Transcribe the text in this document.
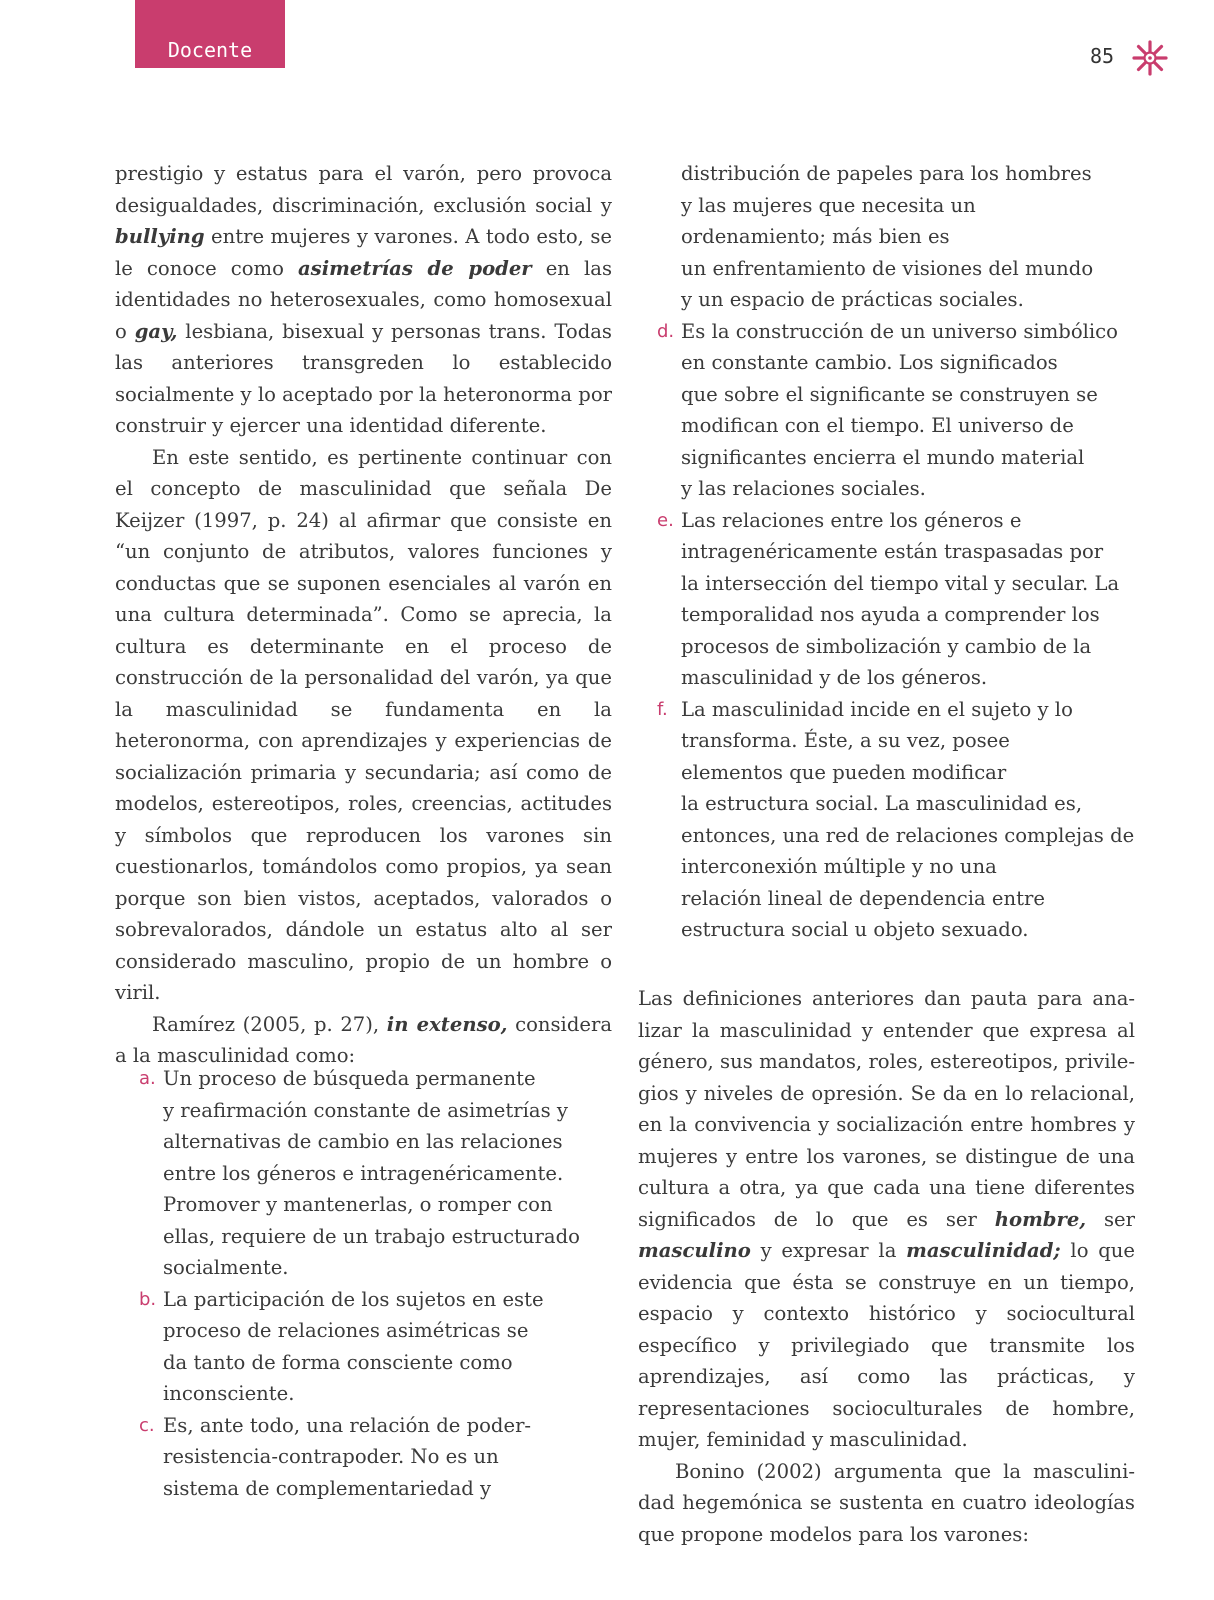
Docente	85

prestigio y estatus para el varón, pero provoca desigualdades, discriminación, exclusión social y bullying entre mujeres y varones. A todo esto, se le conoce como asimetrías de poder en las identidades no heterosexuales, como homosexual o gay, lesbiana, bisexual y personas trans. Todas las anteriores transgreden lo establecido socialmente y lo aceptado por la heteronorma por construir y ejercer una identidad diferente.

En este sentido, es pertinente continuar con el concepto de masculinidad que señala De Keijzer (1997, p. 24) al afirmar que consiste en “un conjunto de atributos, valores funciones y conductas que se suponen esenciales al varón en una cultura determinada”. Como se aprecia, la cultura es determinante en el proceso de construcción de la personalidad del varón, ya que la masculinidad se fundamenta en la heteronorma, con aprendizajes y experiencias de socialización primaria y secundaria; así como de modelos, estereotipos, roles, creencias, actitudes y símbolos que reproducen los varones sin cuestionarlos, tomándolos como propios, ya sean porque son bien vistos, aceptados, valorados o sobrevalorados, dándole un estatus alto al ser considerado masculino, propio de un hombre o viril.

Ramírez (2005, p. 27), in extenso, considera a la masculinidad como:

a. Un proceso de búsqueda permanente
y reafirmación constante de asimetrías y
alternativas de cambio en las relaciones
entre los géneros e intragenéricamente.
Promover y mantenerlas, o romper con
ellas, requiere de un trabajo estructurado
socialmente.
b. La participación de los sujetos en este
proceso de relaciones asimétricas se
da tanto de forma consciente como
inconsciente.
c. Es, ante todo, una relación de poder-
resistencia-contrapoder. No es un
sistema de complementariedad y
distribución de papeles para los hombres
y las mujeres que necesita un
ordenamiento; más bien es
un enfrentamiento de visiones del mundo
y un espacio de prácticas sociales.
d. Es la construcción de un universo simbólico
en constante cambio. Los significados
que sobre el significante se construyen se
modifican con el tiempo. El universo de
significantes encierra el mundo material
y las relaciones sociales.
e. Las relaciones entre los géneros e
intragenéricamente están traspasadas por
la intersección del tiempo vital y secular. La
temporalidad nos ayuda a comprender los
procesos de simbolización y cambio de la
masculinidad y de los géneros.
f. La masculinidad incide en el sujeto y lo
transforma. Éste, a su vez, posee
elementos que pueden modificar
la estructura social. La masculinidad es,
entonces, una red de relaciones complejas de
interconexión múltiple y no una
relación lineal de dependencia entre
estructura social u objeto sexuado.

Las definiciones anteriores dan pauta para analizar la masculinidad y entender que expresa al género, sus mandatos, roles, estereotipos, privilegios y niveles de opresión. Se da en lo relacional, en la convivencia y socialización entre hombres y mujeres y entre los varones, se distingue de una cultura a otra, ya que cada una tiene diferentes significados de lo que es ser hombre, ser masculino y expresar la masculinidad; lo que evidencia que ésta se construye en un tiempo, espacio y contexto histórico y sociocultural específico y privilegiado que transmite los aprendizajes, así como las prácticas, y representaciones socioculturales de hombre, mujer, feminidad y masculinidad.

Bonino (2002) argumenta que la masculinidad hegemónica se sustenta en cuatro ideologías que propone modelos para los varones:
